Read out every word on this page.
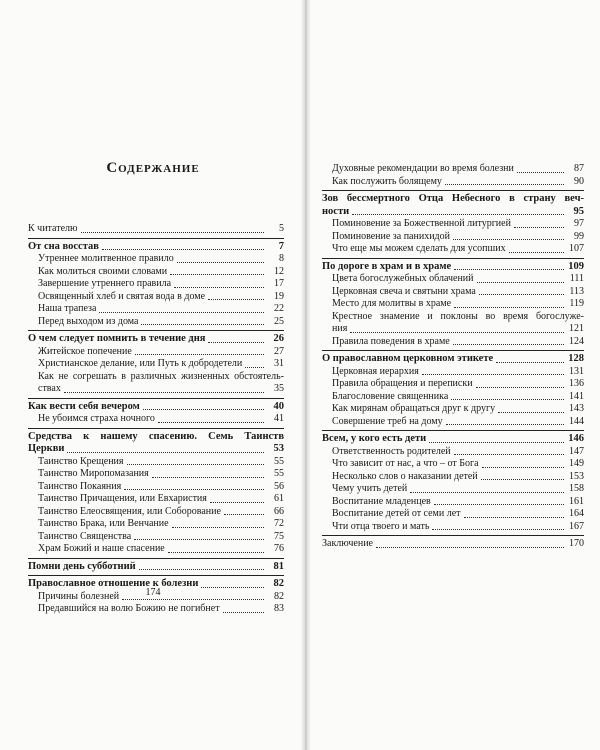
Содержание
К читателю	5
От сна восстав	7
Утреннее молитвенное правило	8
Как молиться своими словами	12
Завершение утреннего правила	17
Освященный хлеб и святая вода в доме	19
Наша трапеза	22
Перед выходом из дома	25
О чем следует помнить в течение дня	26
Житейское попечение	27
Христианское делание, или Путь к добродетели	31
Как не согрешать в различных жизненных обстоятель-
ствах	35
Как вести себя вечером	40
Не убоимся страха ночного	41
Средства к нашему спасению. Семь Таинств
Церкви	53
Таинство Крещения	55
Таинство Миропомазания	55
Таинство Покаяния	56
Таинство Причащения, или Евхаристия	61
Таинство Елеосвящения, или Соборование	66
Таинство Брака, или Венчание	72
Таинство Священства	75
Храм Божий и наше спасение	76
Помни день субботний	81
Православное отношение к болезни	82
Причины болезней	82
Предавшийся на волю Божию не погибнет	83
174
Духовные рекомендации во время болезни	87
Как послужить болящему	90
Зов бессмертного Отца Небесного в страну веч-
ности	95
Поминовение за Божественной литургией	97
Поминовение за панихидой	99
Что еще мы можем сделать для усопших	107
По дороге в храм и в храме	109
Цвета богослужебных облачений	111
Церковная свеча и святыни храма	113
Место для молитвы в храме	119
Крестное знамение и поклоны во время богослуже-
ния	121
Правила поведения в храме	124
О православном церковном этикете	128
Церковная иерархия	131
Правила обращения и переписки	136
Благословение священника	141
Как мирянам обращаться друг к другу	143
Совершение треб на дому	144
Всем, у кого есть дети	146
Ответственность родителей	147
Что зависит от нас, а что – от Бога	149
Несколько слов о наказании детей	153
Чему учить детей	158
Воспитание младенцев	161
Воспитание детей от семи лет	164
Чти отца твоего и мать	167
Заключение	170
